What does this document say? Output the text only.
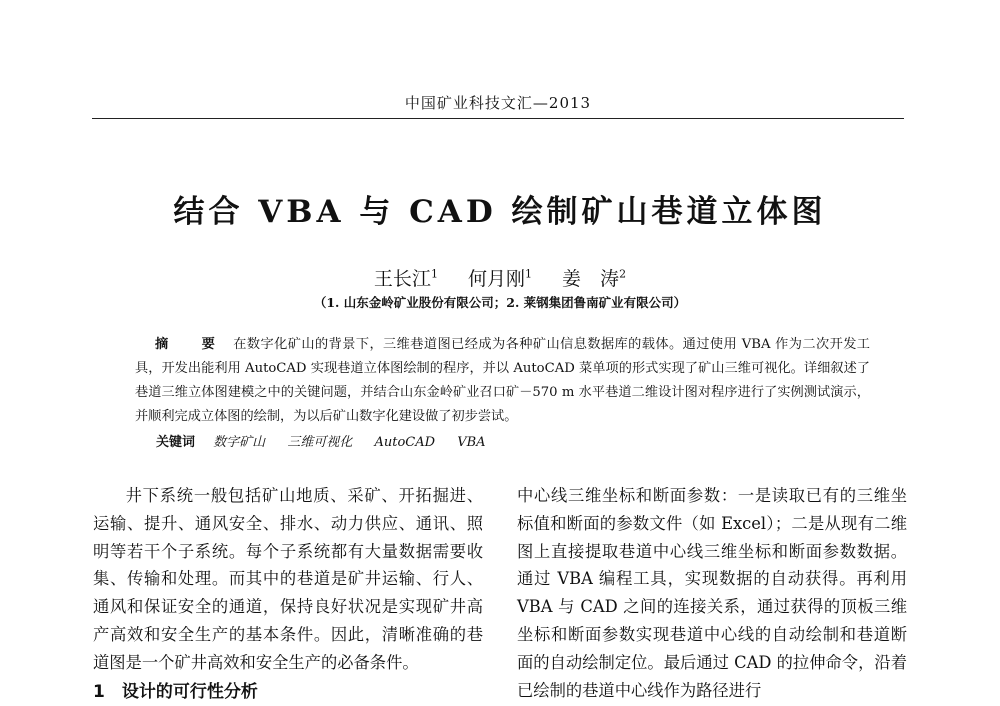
中国矿业科技文汇—2013
结合 VBA 与 CAD 绘制矿山巷道立体图
王长江$^1$ 何月刚$^1$ 姜　涛$^2$
（1. 山东金岭矿业股份有限公司；2. 莱钢集团鲁南矿业有限公司）
摘 要 在数字化矿山的背景下，三维巷道图已经成为各种矿山信息数据库的载体。通过使用 VBA 作为二次开发工具，开发出能利用 AutoCAD 实现巷道立体图绘制的程序，并以 AutoCAD 菜单项的形式实现了矿山三维可视化。详细叙述了巷道三维立体图建模之中的关键问题，并结合山东金岭矿业召口矿－570 m 水平巷道二维设计图对程序进行了实例测试演示，并顺利完成立体图的绘制，为以后矿山数字化建设做了初步尝试。
关键词 数字矿山 三维可视化 AutoCAD VBA

井下系统一般包括矿山地质、采矿、开拓掘进、运输、提升、通风安全、排水、动力供应、通讯、照明等若干个子系统。每个子系统都有大量数据需要收集、传输和处理。而其中的巷道是矿井运输、行人、通风和保证安全的通道，保持良好状况是实现矿井高产高效和安全生产的基本条件。因此，清晰准确的巷道图是一个矿井高效和安全生产的必备条件。

1　设计的可行性分析

中心线三维坐标和断面参数：一是读取已有的三维坐标值和断面的参数文件（如 Excel）；二是从现有二维图上直接提取巷道中心线三维坐标和断面参数数据。通过 VBA 编程工具，实现数据的自动获得。再利用 VBA 与 CAD 之间的连接关系，通过获得的顶板三维坐标和断面参数实现巷道中心线的自动绘制和巷道断面的自动绘制定位。最后通过 CAD 的拉伸命令，沿着已绘制的巷道中心线作为路径进行
